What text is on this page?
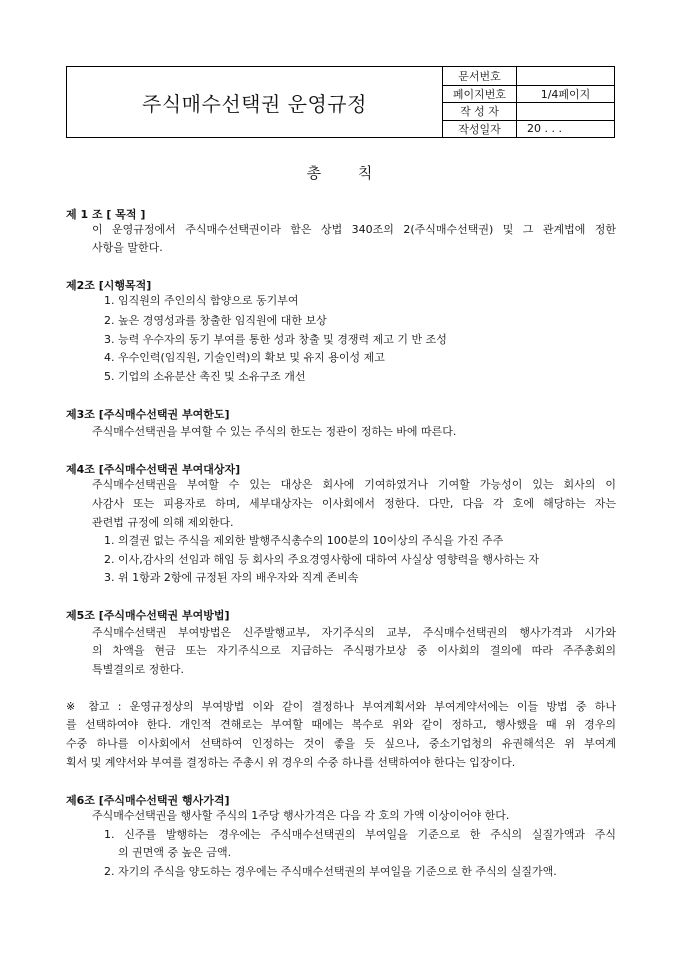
주식매수선택권 운영규정
문서번호
페이지번호	1/4페이지
작 성 자
작성일자	20 . . .
총 칙
제 1 조 [ 목적 ]
이 운영규정에서 주식매수선택권이라 함은 상법 340조의 2(주식매수선택권) 및 그 관계법에 정한
사항을 말한다.
제2조 [시행목적]
1. 임직원의 주인의식 함양으로 동기부여
2. 높은 경영성과를 창출한 임직원에 대한 보상
3. 능력 우수자의 동기 부여를 통한 성과 창출 및 경쟁력 제고 기 반 조성
4. 우수인력(임직원, 기술인력)의 확보 및 유지 용이성 제고
5. 기업의 소유분산 촉진 및 소유구조 개선
제3조 [주식매수선택권 부여한도]
주식매수선택권을 부여할 수 있는 주식의 한도는 정관이 정하는 바에 따른다.
제4조 [주식매수선택권 부여대상자]
주식매수선택권을 부여할 수 있는 대상은 회사에 기여하였거나 기여할 가능성이 있는 회사의 이
사감사 또는 피용자로 하며, 세부대상자는 이사회에서 정한다. 다만, 다음 각 호에 해당하는 자는
관련법 규정에 의해 제외한다.
1. 의결권 없는 주식을 제외한 발행주식총수의 100분의 10이상의 주식을 가진 주주
2. 이사,감사의 선임과 해임 등 회사의 주요경영사항에 대하여 사실상 영향력을 행사하는 자
3. 위 1항과 2항에 규정된 자의 배우자와 직계 존비속
제5조 [주식매수선택권 부여방법]
주식매수선택권 부여방법은 신주발행교부, 자기주식의 교부, 주식매수선택권의 행사가격과 시가와
의 차액을 현금 또는 자기주식으로 지급하는 주식평가보상 중 이사회의 결의에 따라 주주총회의
특별결의로 정한다.
※ 참고 : 운영규정상의 부여방법 이와 같이 결정하나 부여계획서와 부여계약서에는 이들 방법 중 하나
를 선택하여야 한다. 개인적 견해로는 부여할 때에는 복수로 위와 같이 정하고, 행사했을 때 위 경우의
수중 하나를 이사회에서 선택하여 인정하는 것이 좋을 듯 싶으나, 중소기업청의 유권해석은 위 부여계
획서 및 계약서와 부여를 결정하는 주총시 위 경우의 수중 하나를 선택하여야 한다는 입장이다.
제6조 [주식매수선택권 행사가격]
주식매수선택권을 행사할 주식의 1주당 행사가격은 다음 각 호의 가액 이상이어야 한다.
1. 신주를 발행하는 경우에는 주식매수선택권의 부여일을 기준으로 한 주식의 실질가액과 주식
의 권면액 중 높은 금액.
2. 자기의 주식을 양도하는 경우에는 주식매수선택권의 부여일을 기준으로 한 주식의 실질가액.
